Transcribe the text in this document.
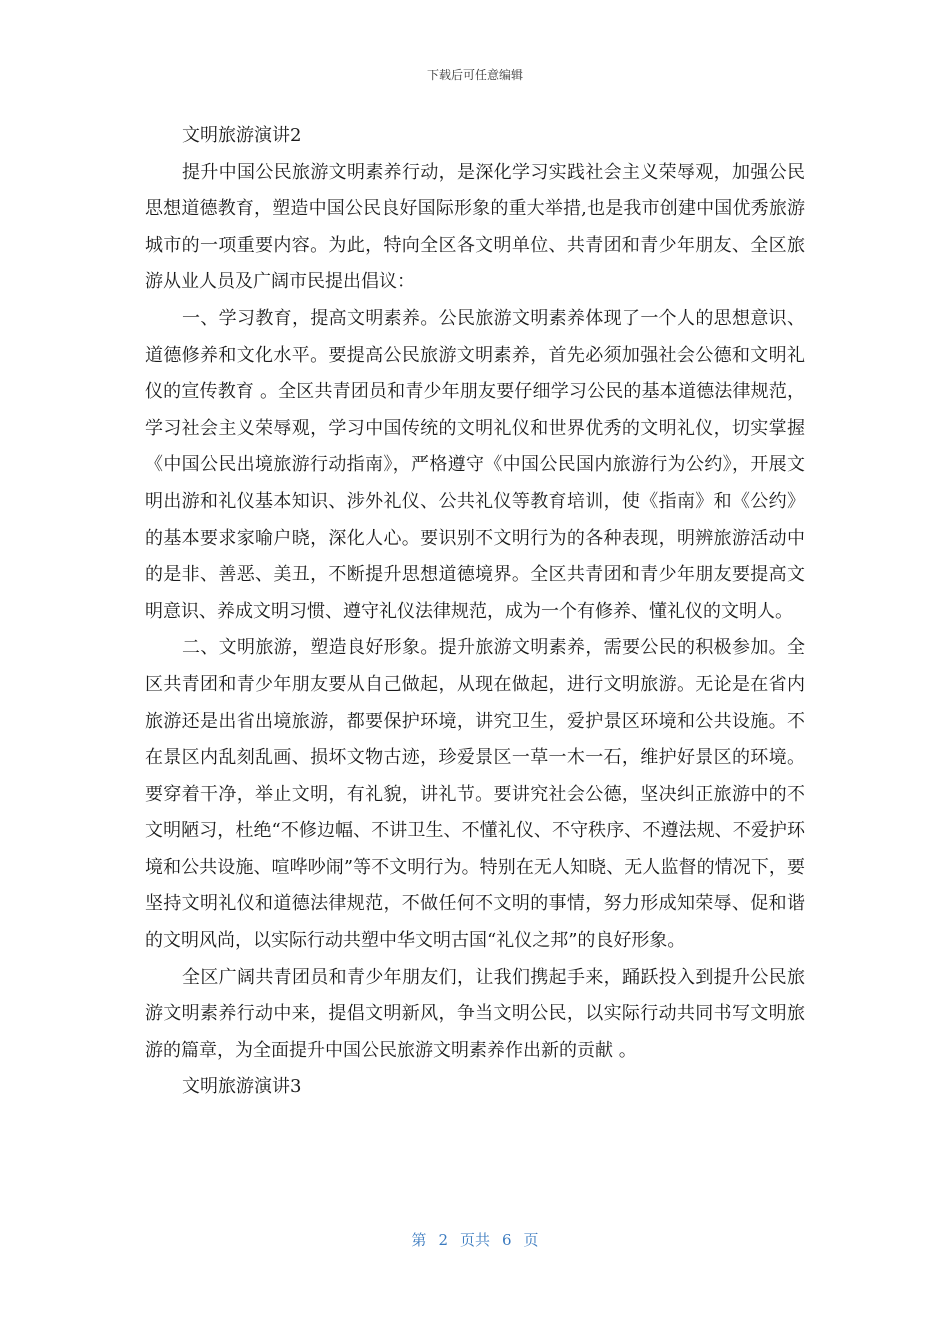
下载后可任意编辑

文明旅游演讲2

提升中国公民旅游文明素养行动，是深化学习实践社会主义荣辱观，加强公民思想道德教育，塑造中国公民良好国际形象的重大举措,也是我市创建中国优秀旅游城市的一项重要内容。为此，特向全区各文明单位、共青团和青少年朋友、全区旅游从业人员及广阔市民提出倡议：

一、学习教育，提高文明素养。公民旅游文明素养体现了一个人的思想意识、道德修养和文化水平。要提高公民旅游文明素养，首先必须加强社会公德和文明礼仪的宣传教育 。全区共青团员和青少年朋友要仔细学习公民的基本道德法律规范，学习社会主义荣辱观，学习中国传统的文明礼仪和世界优秀的文明礼仪，切实掌握《中国公民出境旅游行动指南》，严格遵守《中国公民国内旅游行为公约》，开展文明出游和礼仪基本知识、涉外礼仪、公共礼仪等教育培训，使《指南》和《公约》的基本要求家喻户晓，深化人心。要识别不文明行为的各种表现，明辨旅游活动中的是非、善恶、美丑，不断提升思想道德境界。全区共青团和青少年朋友要提高文明意识、养成文明习惯、遵守礼仪法律规范，成为一个有修养、懂礼仪的文明人。

二、文明旅游，塑造良好形象。提升旅游文明素养，需要公民的积极参加。全区共青团和青少年朋友要从自己做起，从现在做起，进行文明旅游。无论是在省内旅游还是出省出境旅游，都要保护环境，讲究卫生，爱护景区环境和公共设施。不在景区内乱刻乱画、损坏文物古迹，珍爱景区一草一木一石，维护好景区的环境。要穿着干净，举止文明，有礼貌，讲礼节。要讲究社会公德，坚决纠正旅游中的不文明陋习，杜绝“不修边幅、不讲卫生、不懂礼仪、不守秩序、不遵法规、不爱护环境和公共设施、喧哗吵闹”等不文明行为。特别在无人知晓、无人监督的情况下，要坚持文明礼仪和道德法律规范，不做任何不文明的事情，努力形成知荣辱、促和谐的文明风尚，以实际行动共塑中华文明古国“礼仪之邦”的良好形象。

全区广阔共青团员和青少年朋友们，让我们携起手来，踊跃投入到提升公民旅游文明素养行动中来，提倡文明新风，争当文明公民，以实际行动共同书写文明旅游的篇章，为全面提升中国公民旅游文明素养作出新的贡献 。

文明旅游演讲3

第 2 页共 6 页
